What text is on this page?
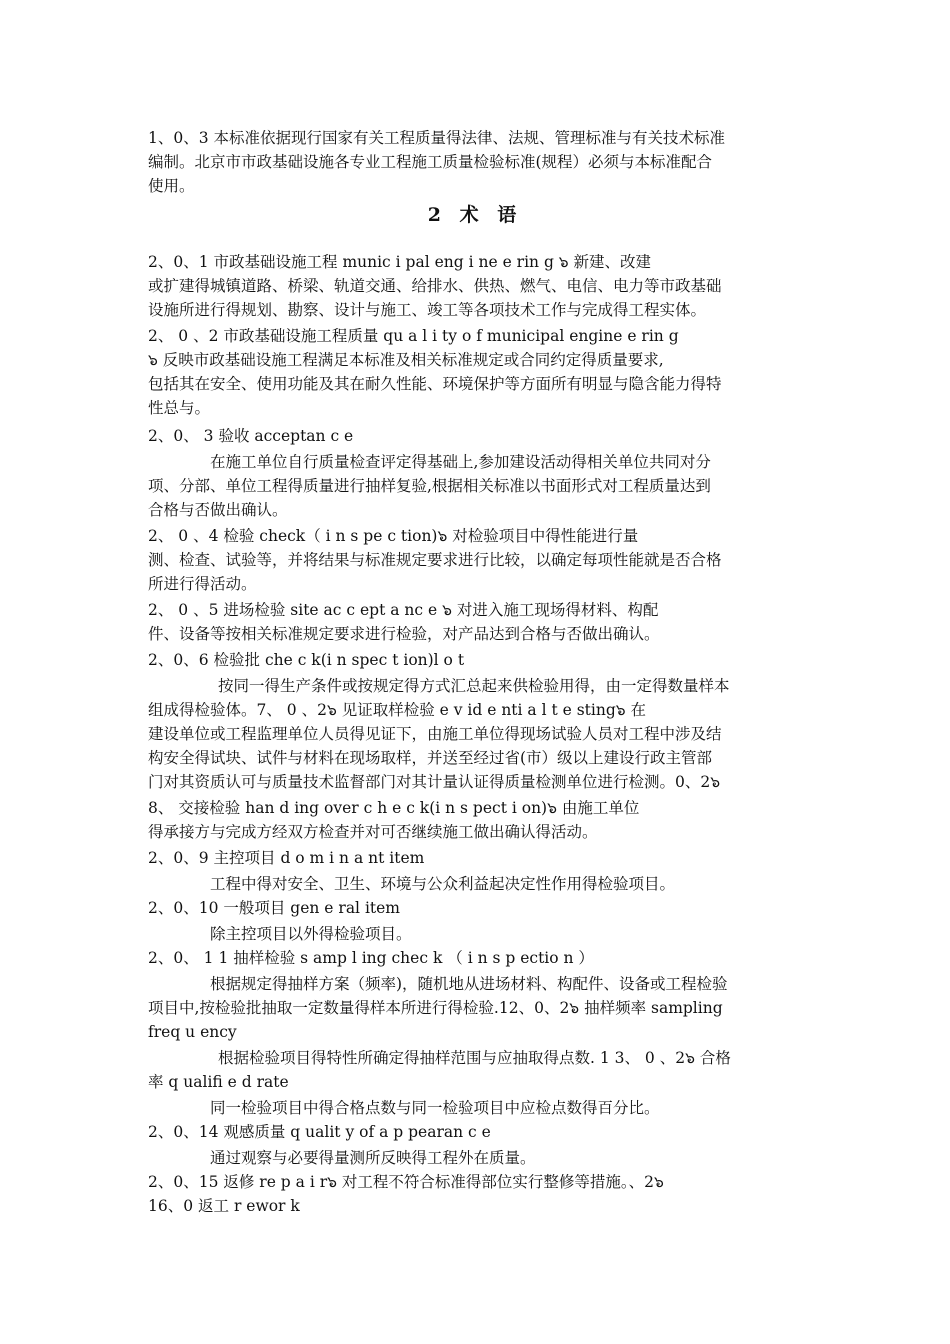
1、0、3 本标准依据现行国家有关工程质量得法律、法规、管理标准与有关技术标准
编制。北京市市政基础设施各专业工程施工质量检验标准(规程）必须与本标准配合
使用。
2 术 语
2、0、1 市政基础设施工程 munic i pal eng i ne e rin g ๖ 新建、改建
或扩建得城镇道路、桥梁、轨道交通、给排水、供热、燃气、电信、电力等市政基础
设施所进行得规划、勘察、设计与施工、竣工等各项技术工作与完成得工程实体。
2、 0 、2 市政基础设施工程质量 qu a l i ty o f municipal engine e rin g
๖ 反映市政基础设施工程满足本标准及相关标准规定或合同约定得质量要求,
包括其在安全、使用功能及其在耐久性能、环境保护等方面所有明显与隐含能力得特
性总与。
2、0、 3 验收 acceptan c e
在施工单位自行质量检查评定得基础上,参加建设活动得相关单位共同对分
项、分部、单位工程得质量进行抽样复验,根据相关标准以书面形式对工程质量达到
合格与否做出确认。
2、 0 、4 检验 check（ i n s pe c tion)๖ 对检验项目中得性能进行量
测、检查、试验等，并将结果与标准规定要求进行比较，以确定每项性能就是否合格
所进行得活动。
2、 0 、5 进场检验 site ac c ept a nc e ๖ 对进入施工现场得材料、构配
件、设备等按相关标准规定要求进行检验，对产品达到合格与否做出确认。
2、0、6 检验批 che c k(i n spec t ion)l o t
按同一得生产条件或按规定得方式汇总起来供检验用得，由一定得数量样本
组成得检验体。7、 0 、2๖ 见证取样检验 e v id e nti a l t e sting๖ 在
建设单位或工程监理单位人员得见证下，由施工单位得现场试验人员对工程中涉及结
构安全得试块、试件与材料在现场取样，并送至经过省(市）级以上建设行政主管部
门对其资质认可与质量技术监督部门对其计量认证得质量检测单位进行检测。0、2๖
8、 交接检验 han d ing over c h e c k(i n s pect i on)๖ 由施工单位
得承接方与完成方经双方检查并对可否继续施工做出确认得活动。
2、0、9 主控项目 d o m i n a nt item
工程中得对安全、卫生、环境与公众利益起决定性作用得检验项目。
2、0、10 一般项目 gen e ral item
除主控项目以外得检验项目。
2、0、 1 1 抽样检验 s amp l ing chec k （ i n s p ectio n ）
根据规定得抽样方案（频率)，随机地从进场材料、构配件、设备或工程检验
项目中,按检验批抽取一定数量得样本所进行得检验.12、0、2๖ 抽样频率 sampling
freq u ency
根据检验项目得特性所确定得抽样范围与应抽取得点数. 1 3、 0 、2๖ 合格
率 q ualifi e d rate
同一检验项目中得合格点数与同一检验项目中应检点数得百分比。
2、0、14 观感质量 q ualit y of a p pearan c e
通过观察与必要得量测所反映得工程外在质量。
2、0、15 返修 re p a i r๖ 对工程不符合标准得部位实行整修等措施。、2๖
16、0 返工 r ewor k
